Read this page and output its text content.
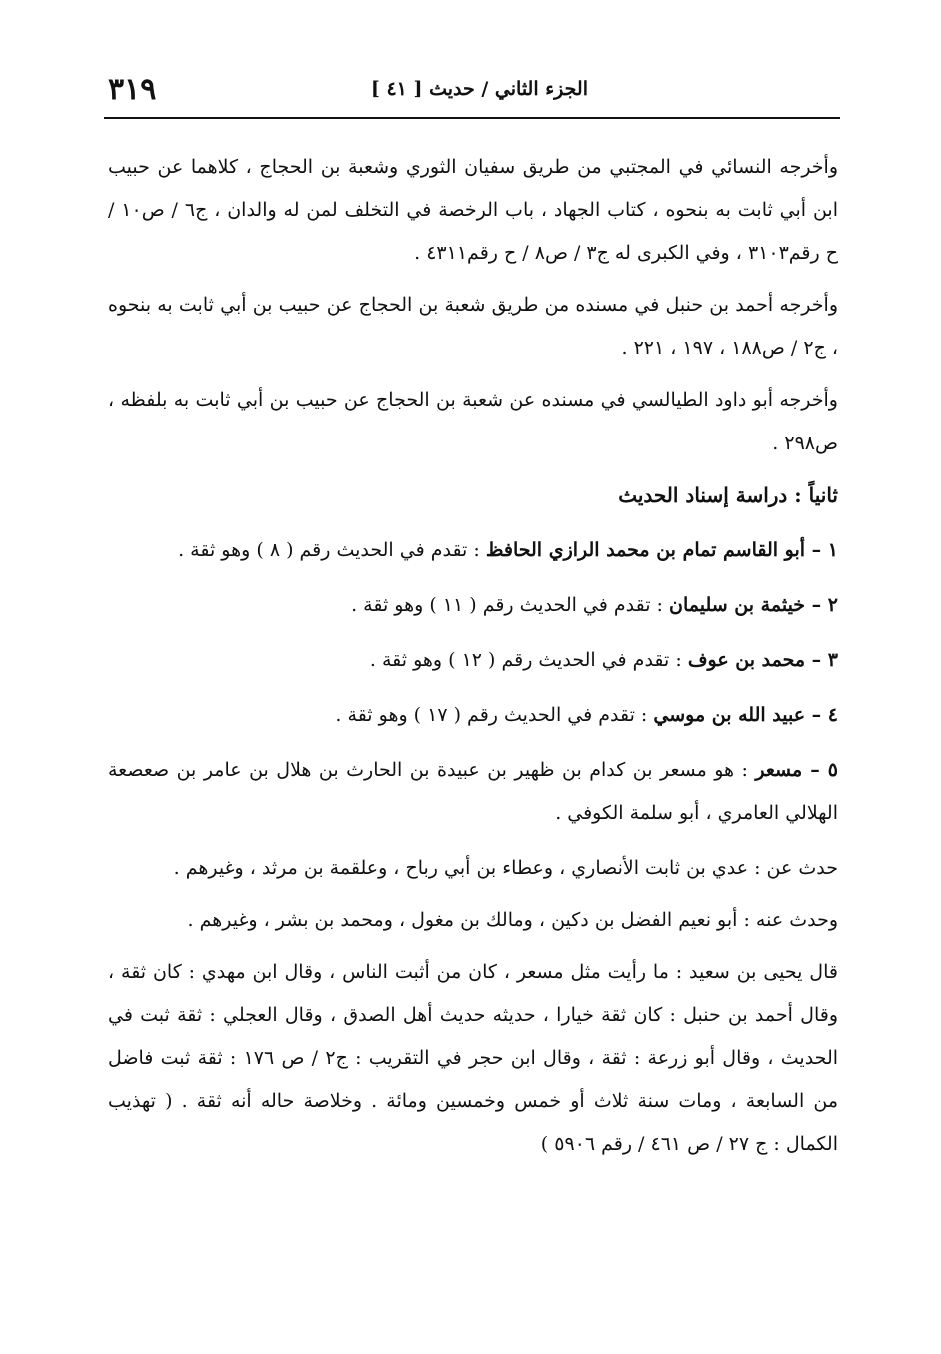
الجزء الثاني / حديث [ ٤١ ]
٣١٩

وأخرجه النسائي في المجتبي من طريق سفيان الثوري وشعبة بن الحجاج ، كلاهما عن حبيب ابن أبي ثابت به بنحوه ، كتاب الجهاد ، باب الرخصة في التخلف لمن له والدان ، ج٦ / ص١٠ / ح رقم٣١٠٣ ، وفي الكبرى له ج٣ / ص٨ / ح رقم٤٣١١ .

وأخرجه أحمد بن حنبل في مسنده من طريق شعبة بن الحجاج عن حبيب بن أبي ثابت به بنحوه ، ج٢ / ص١٨٨ ، ١٩٧ ، ٢٢١ .

وأخرجه أبو داود الطيالسي في مسنده عن شعبة بن الحجاج عن حبيب بن أبي ثابت به بلفظه ، ص٢٩٨ .

ثانياً : دراسة إسناد الحديث

١ – أبو القاسم تمام بن محمد الرازي الحافظ : تقدم في الحديث رقم ( ٨ ) وهو ثقة .

٢ – خيثمة بن سليمان : تقدم في الحديث رقم ( ١١ ) وهو ثقة .

٣ – محمد بن عوف : تقدم في الحديث رقم ( ١٢ ) وهو ثقة .

٤ – عبيد الله بن موسي : تقدم في الحديث رقم ( ١٧ ) وهو ثقة .

٥ – مسعر : هو مسعر بن كدام بن ظهير بن عبيدة بن الحارث بن هلال بن عامر بن صعصعة الهلالي العامري ، أبو سلمة الكوفي .

حدث عن : عدي بن ثابت الأنصاري ، وعطاء بن أبي رباح ، وعلقمة بن مرثد ، وغيرهم .

وحدث عنه : أبو نعيم الفضل بن دكين ، ومالك بن مغول ، ومحمد بن بشر ، وغيرهم .

قال يحيى بن سعيد : ما رأيت مثل مسعر ، كان من أثبت الناس ، وقال ابن مهدي : كان ثقة ، وقال أحمد بن حنبل : كان ثقة خيارا ، حديثه حديث أهل الصدق ، وقال العجلي : ثقة ثبت في الحديث ، وقال أبو زرعة : ثقة ، وقال ابن حجر في التقريب : ج٢ / ص ١٧٦ : ثقة ثبت فاضل من السابعة ، ومات سنة ثلاث أو خمس وخمسين ومائة . وخلاصة حاله أنه ثقة . ( تهذيب الكمال : ج ٢٧ / ص ٤٦١ / رقم ٥٩٠٦ )
